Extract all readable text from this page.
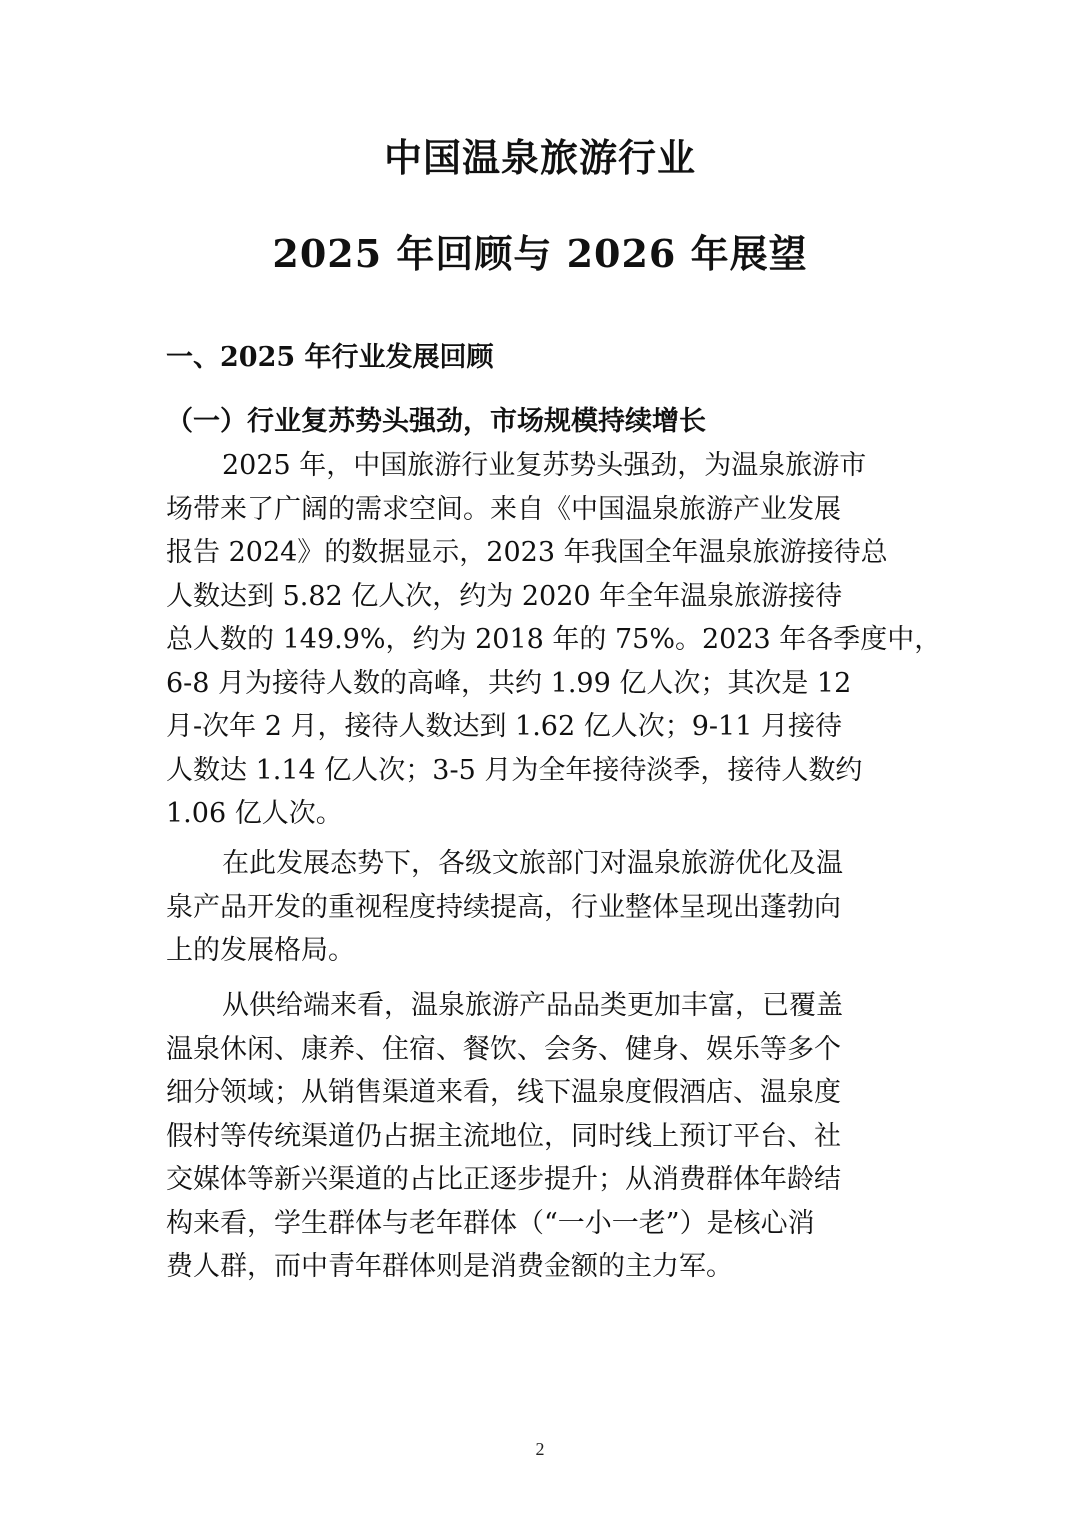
中国温泉旅游行业
2025 年回顾与 2026 年展望
一、2025 年行业发展回顾
（一）行业复苏势头强劲，市场规模持续增长
2025 年，中国旅游行业复苏势头强劲，为温泉旅游市
场带来了广阔的需求空间。来自《中国温泉旅游产业发展
报告 2024》的数据显示，2023 年我国全年温泉旅游接待总
人数达到 5.82 亿人次，约为 2020 年全年温泉旅游接待
总人数的 149.9%，约为 2018 年的 75%。2023 年各季度中，
6-8 月为接待人数的高峰，共约 1.99 亿人次；其次是 12
月-次年 2 月，接待人数达到 1.62 亿人次；9-11 月接待
人数达 1.14 亿人次；3-5 月为全年接待淡季，接待人数约
1.06 亿人次。
在此发展态势下，各级文旅部门对温泉旅游优化及温
泉产品开发的重视程度持续提高，行业整体呈现出蓬勃向
上的发展格局。
从供给端来看，温泉旅游产品品类更加丰富，已覆盖
温泉休闲、康养、住宿、餐饮、会务、健身、娱乐等多个
细分领域；从销售渠道来看，线下温泉度假酒店、温泉度
假村等传统渠道仍占据主流地位，同时线上预订平台、社
交媒体等新兴渠道的占比正逐步提升；从消费群体年龄结
构来看，学生群体与老年群体（“一小一老”）是核心消
费人群，而中青年群体则是消费金额的主力军。
2
